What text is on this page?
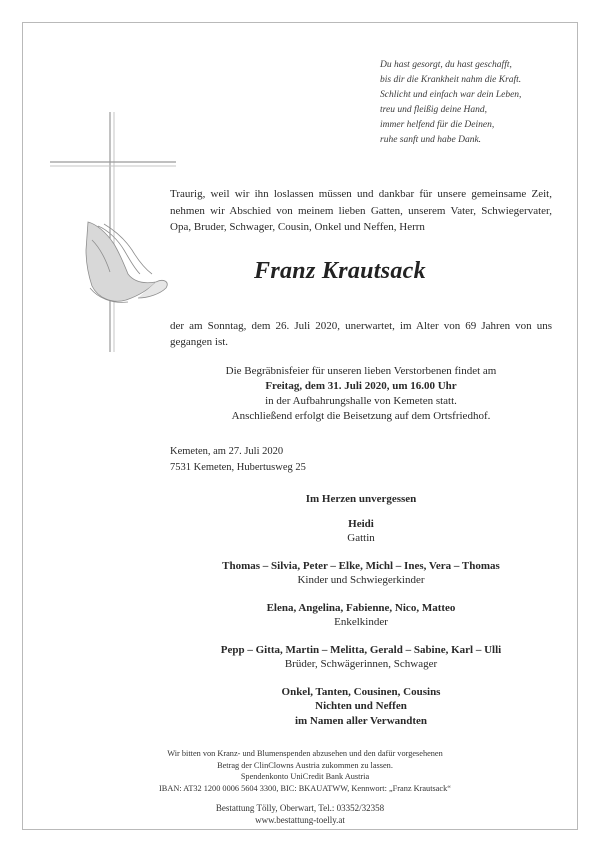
Du hast gesorgt, du hast geschafft,
bis dir die Krankheit nahm die Kraft.
Schlicht und einfach war dein Leben,
treu und fleißig deine Hand,
immer helfend für die Deinen,
ruhe sanft und habe Dank.
Traurig, weil wir ihn loslassen müssen und dankbar für unsere gemeinsame Zeit, nehmen wir Abschied von meinem lieben Gatten, unserem Vater, Schwiegervater, Opa, Bruder, Schwager, Cousin, Onkel und Neffen, Herrn
Franz Krautsack
der am Sonntag, dem 26. Juli 2020, unerwartet, im Alter von 69 Jahren von uns gegangen ist.
Die Begräbnisfeier für unseren lieben Verstorbenen findet am
Freitag, dem 31. Juli 2020, um 16.00 Uhr
in der Aufbahrungshalle von Kemeten statt.
Anschließend erfolgt die Beisetzung auf dem Ortsfriedhof.
Kemeten, am 27. Juli 2020
7531 Kemeten, Hubertusweg 25
Im Herzen unvergessen
Heidi
Gattin
Thomas – Silvia, Peter – Elke, Michl – Ines, Vera – Thomas
Kinder und Schwiegerkinder
Elena, Angelina, Fabienne, Nico, Matteo
Enkelkinder
Pepp – Gitta, Martin – Melitta, Gerald – Sabine, Karl – Ulli
Brüder, Schwägerinnen, Schwager
Onkel, Tanten, Cousinen, Cousins
Nichten und Neffen
im Namen aller Verwandten
Wir bitten von Kranz- und Blumenspenden abzusehen und den dafür vorgesehenen
Betrag der ClinClowns Austria zukommen zu lassen.
Spendenkonto UniCredit Bank Austria
IBAN: AT32 1200 0006 5604 3300, BIC: BKAUATWW, Kennwort: „Franz Krautsack“
Bestattung Tölly, Oberwart, Tel.: 03352/32358
www.bestattung-toelly.at
